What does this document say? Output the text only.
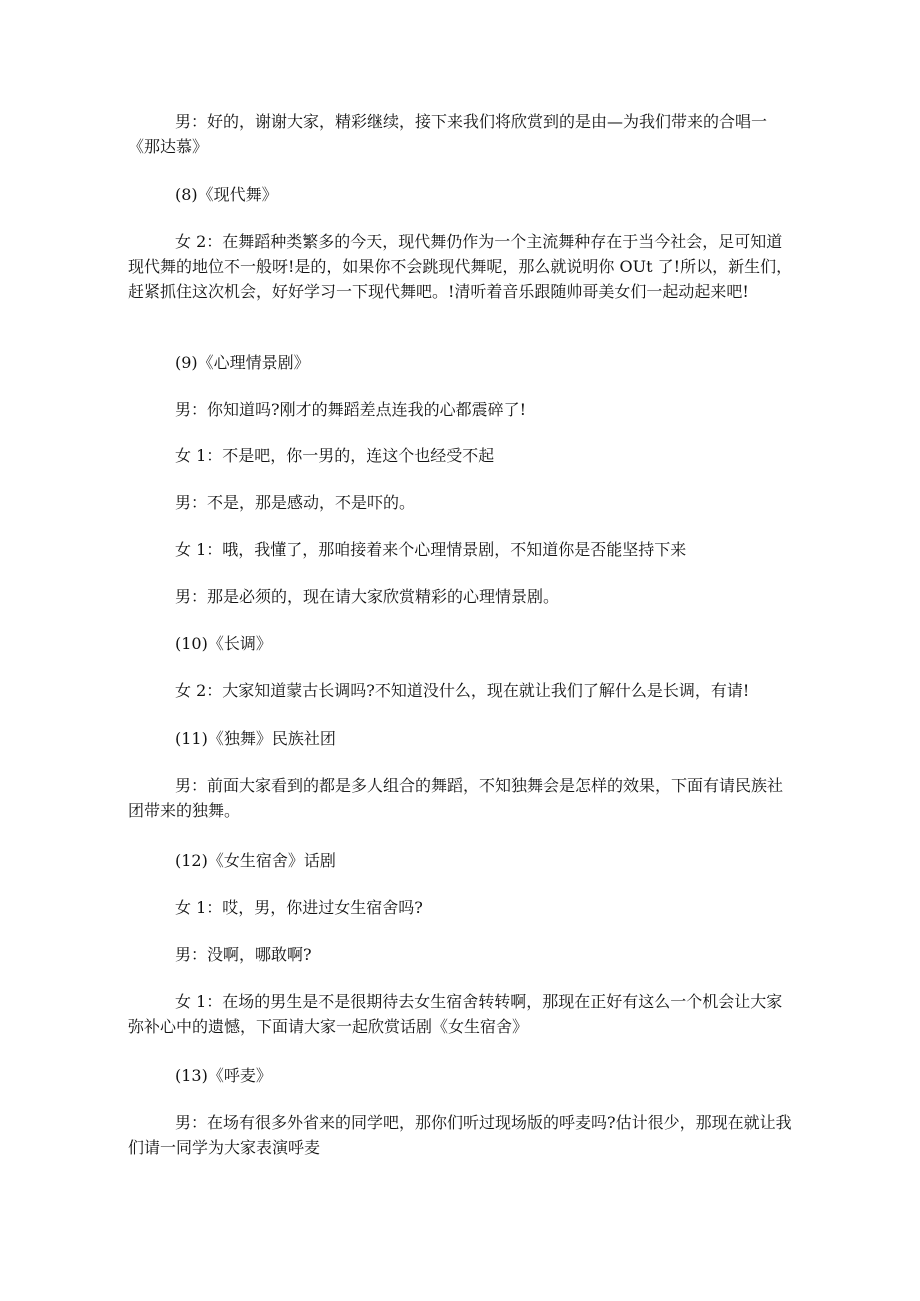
男：好的，谢谢大家，精彩继续，接下来我们将欣赏到的是由—为我们带来的合唱一《那达慕》

(8)《现代舞》

女 2：在舞蹈种类繁多的今天，现代舞仍作为一个主流舞种存在于当今社会，足可知道现代舞的地位不一般呀!是的，如果你不会跳现代舞呢，那么就说明你 OUt 了!所以，新生们，赶紧抓住这次机会，好好学习一下现代舞吧。!清听着音乐跟随帅哥美女们一起动起来吧!

(9)《心理情景剧》

男：你知道吗?刚才的舞蹈差点连我的心都震碎了!

女 1：不是吧，你一男的，连这个也经受不起

男：不是，那是感动，不是吓的。

女 1：哦，我懂了，那咱接着来个心理情景剧，不知道你是否能坚持下来

男：那是必须的，现在请大家欣赏精彩的心理情景剧。

(10)《长调》

女 2：大家知道蒙古长调吗?不知道没什么，现在就让我们了解什么是长调，有请!

(11)《独舞》民族社团

男：前面大家看到的都是多人组合的舞蹈，不知独舞会是怎样的效果，下面有请民族社团带来的独舞。

(12)《女生宿舍》话剧

女 1：哎，男，你进过女生宿舍吗?

男：没啊，哪敢啊?

女 1：在场的男生是不是很期待去女生宿舍转转啊，那现在正好有这么一个机会让大家弥补心中的遗憾，下面请大家一起欣赏话剧《女生宿舍》

(13)《呼麦》

男：在场有很多外省来的同学吧，那你们听过现场版的呼麦吗?估计很少，那现在就让我们请一同学为大家表演呼麦
